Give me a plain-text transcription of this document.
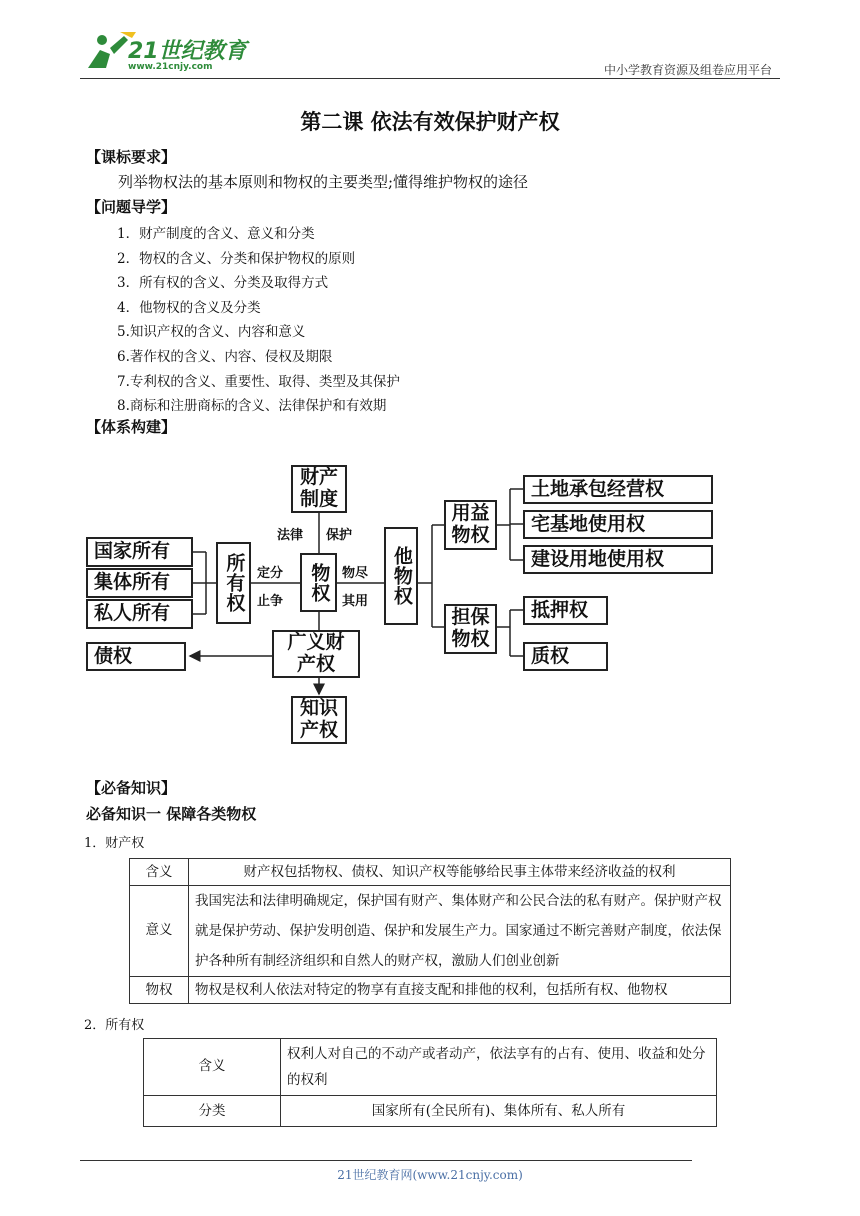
21世纪教育
www.21cnjy.com	中小学教育资源及组卷应用平台
第二课 依法有效保护财产权
【课标要求】
列举物权法的基本原则和物权的主要类型;懂得维护物权的途径
【问题导学】
1．财产制度的含义、意义和分类
2．物权的含义、分类和保护物权的原则
3．所有权的含义、分类及取得方式
4．他物权的含义及分类
5.知识产权的含义、内容和意义
6.著作权的含义、内容、侵权及期限
7.专利权的含义、重要性、取得、类型及其保护
8.商标和注册商标的含义、法律保护和有效期
【体系构建】
财产
制度
法律 保护
国家所有
集体所有
私人所有
所有权 定分
止争 物权 物尽
其用 他物权
用益
物权
担保
物权
土地承包经营权
宅基地使用权
建设用地使用权
抵押权
质权
广义财
产权
债权
知识
产权
【必备知识】
必备知识一 保障各类物权
1．财产权
含义	财产权包括物权、债权、知识产权等能够给民事主体带来经济收益的权利
意义	我国宪法和法律明确规定，保护国有财产、集体财产和公民合法的私有财产。保护财产权就是保护劳动、保护发明创造、保护和发展生产力。国家通过不断完善财产制度，依法保护各种所有制经济组织和自然人的财产权，激励人们创业创新
物权	物权是权利人依法对特定的物享有直接支配和排他的权利，包括所有权、他物权
2．所有权
含义	权利人对自己的不动产或者动产，依法享有的占有、使用、收益和处分的权利
分类	国家所有(全民所有)、集体所有、私人所有
21世纪教育网(www.21cnjy.com)
